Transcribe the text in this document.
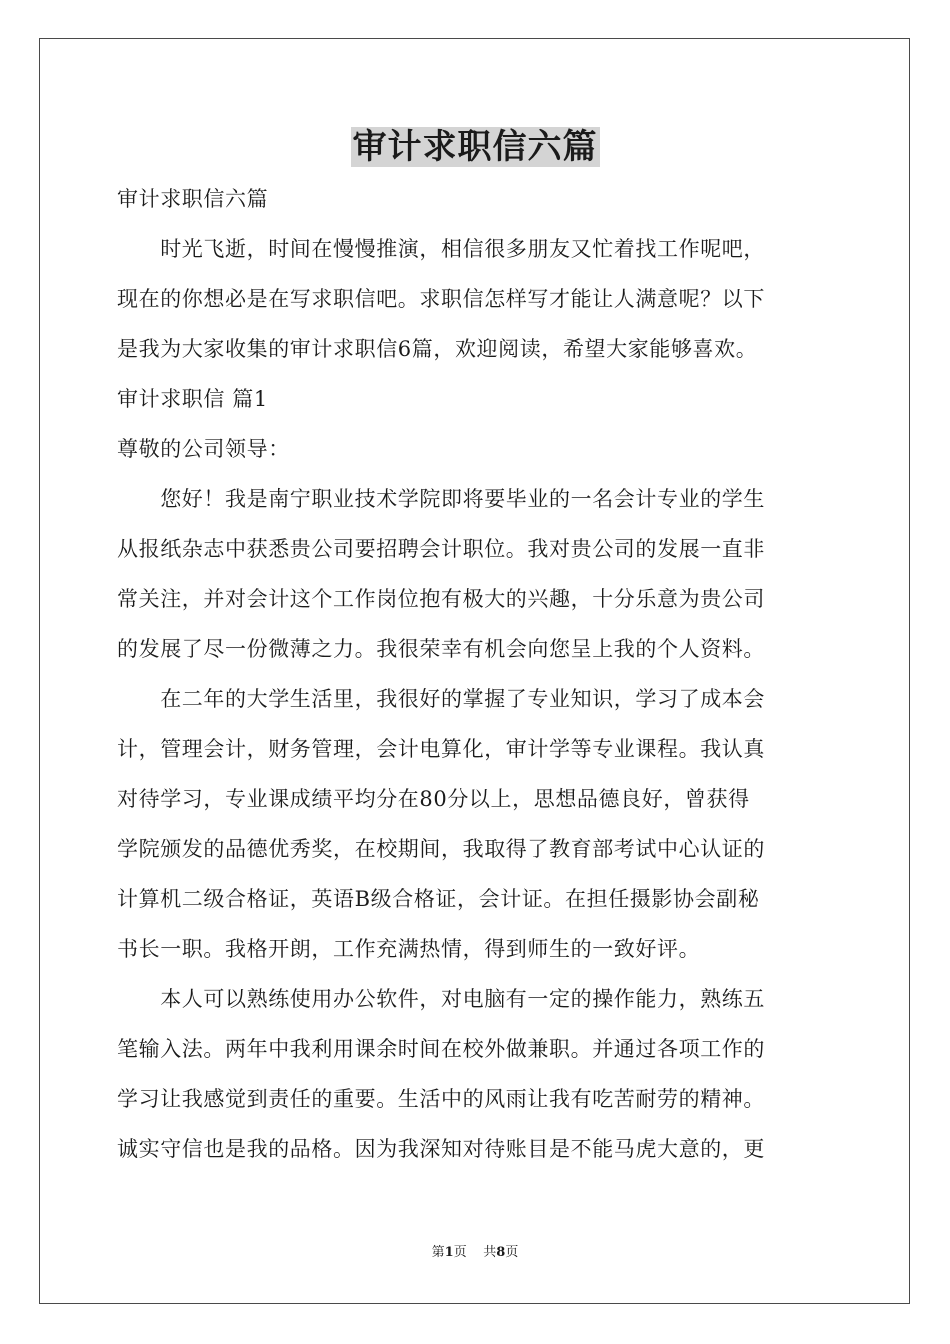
审计求职信六篇
审计求职信六篇
　　时光飞逝，时间在慢慢推演，相信很多朋友又忙着找工作呢吧，
现在的你想必是在写求职信吧。求职信怎样写才能让人满意呢？以下
是我为大家收集的审计求职信6篇，欢迎阅读，希望大家能够喜欢。
审计求职信 篇1
尊敬的公司领导：
　　您好！我是南宁职业技术学院即将要毕业的一名会计专业的学生
从报纸杂志中获悉贵公司要招聘会计职位。我对贵公司的发展一直非
常关注，并对会计这个工作岗位抱有极大的兴趣，十分乐意为贵公司
的发展了尽一份微薄之力。我很荣幸有机会向您呈上我的个人资料。
　　在二年的大学生活里，我很好的掌握了专业知识，学习了成本会
计，管理会计，财务管理，会计电算化，审计学等专业课程。我认真
对待学习，专业课成绩平均分在80分以上，思想品德良好，曾获得
学院颁发的品德优秀奖，在校期间，我取得了教育部考试中心认证的
计算机二级合格证，英语B级合格证，会计证。在担任摄影协会副秘
书长一职。我格开朗，工作充满热情，得到师生的一致好评。
　　本人可以熟练使用办公软件，对电脑有一定的操作能力，熟练五
笔输入法。两年中我利用课余时间在校外做兼职。并通过各项工作的
学习让我感觉到责任的重要。生活中的风雨让我有吃苦耐劳的精神。
诚实守信也是我的品格。因为我深知对待账目是不能马虎大意的，更
第1页 共8页
